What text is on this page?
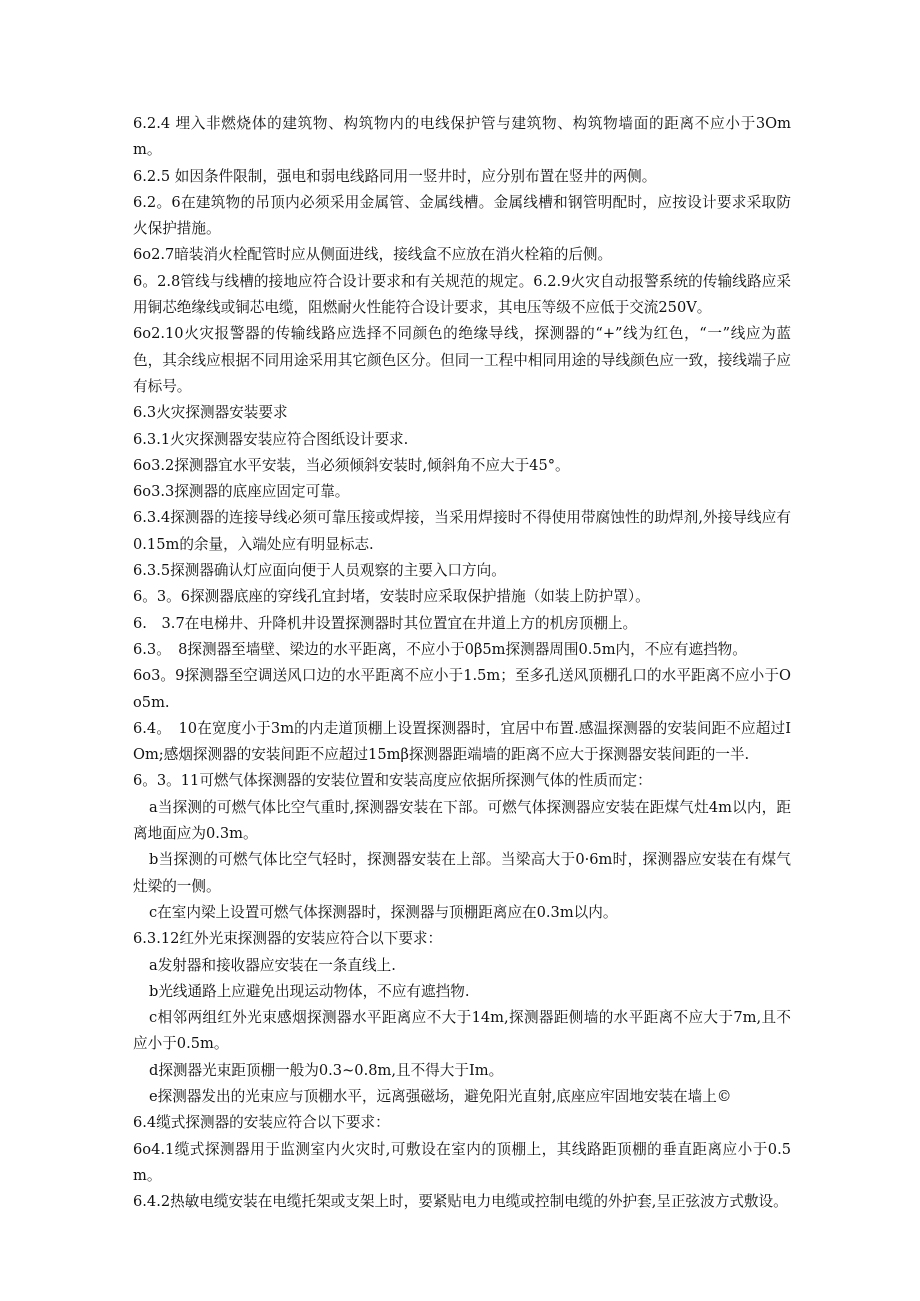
6.2.4 埋入非燃烧体的建筑物、构筑物内的电线保护管与建筑物、构筑物墙面的距离不应小于3Omm。

6.2.5 如因条件限制，强电和弱电线路同用一竖井时，应分别布置在竖井的两侧。

6.2。6在建筑物的吊顶内必须采用金属管、金属线槽。金属线槽和钢管明配时，应按设计要求采取防火保护措施。

6o2.7暗装消火栓配管时应从侧面进线，接线盒不应放在消火栓箱的后侧。

6。2.8管线与线槽的接地应符合设计要求和有关规范的规定。6.2.9火灾自动报警系统的传输线路应采用铜芯绝缘线或铜芯电缆，阻燃耐火性能符合设计要求，其电压等级不应低于交流250V。

6o2.10火灾报警器的传输线路应选择不同颜色的绝缘导线，探测器的“+”线为红色，“一”线应为蓝色，其余线应根据不同用途采用其它颜色区分。但同一工程中相同用途的导线颜色应一致，接线端子应有标号。

6.3火灾探测器安装要求

6.3.1火灾探测器安装应符合图纸设计要求.

6o3.2探测器宜水平安装，当必须倾斜安装时,倾斜角不应大于45°。

6o3.3探测器的底座应固定可靠。

6.3.4探测器的连接导线必须可靠压接或焊接，当采用焊接时不得使用带腐蚀性的助焊剂,外接导线应有0.15m的余量，入端处应有明显标志.

6.3.5探测器确认灯应面向便于人员观察的主要入口方向。

6。3。6探测器底座的穿线孔宜封堵，安装时应采取保护措施（如装上防护罩）。

6.　3.7在电梯井、升降机井设置探测器时其位置宜在井道上方的机房顶棚上。

6.3。　8探测器至墙壁、梁边的水平距离，不应小于0β5m探测器周围0.5m内，不应有遮挡物。

6o3。9探测器至空调送风口边的水平距离不应小于1.5m；至多孔送风顶棚孔口的水平距离不应小于Oo5m.

6.4。　10在宽度小于3m的内走道顶棚上设置探测器时，宜居中布置.感温探测器的安装间距不应超过IOm;感烟探测器的安装间距不应超过15mβ探测器距端墙的距离不应大于探测器安装间距的一半.

6。3。11可燃气体探测器的安装位置和安装高度应依据所探测气体的性质而定：

a当探测的可燃气体比空气重时,探测器安装在下部。可燃气体探测器应安装在距煤气灶4m以内，距离地面应为0.3m。

b当探测的可燃气体比空气轻时，探测器安装在上部。当梁高大于0·6m时，探测器应安装在有煤气灶梁的一侧。

c在室内梁上设置可燃气体探测器时，探测器与顶棚距离应在0.3m以内。

6.3.12红外光束探测器的安装应符合以下要求：

a发射器和接收器应安装在一条直线上.

b光线通路上应避免出现运动物体，不应有遮挡物.

c相邻两组红外光束感烟探测器水平距离应不大于14m,探测器距侧墙的水平距离不应大于7m,且不应小于0.5m。

d探测器光束距顶棚一般为0.3~0.8m,且不得大于Im。

e探测器发出的光束应与顶棚水平，远离强磁场，避免阳光直射,底座应牢固地安装在墙上©

6.4缆式探测器的安装应符合以下要求：

6o4.1缆式探测器用于监测室内火灾时,可敷设在室内的顶棚上，其线路距顶棚的垂直距离应小于0.5m。

6.4.2热敏电缆安装在电缆托架或支架上时，要紧贴电力电缆或控制电缆的外护套,呈正弦波方式敷设。
